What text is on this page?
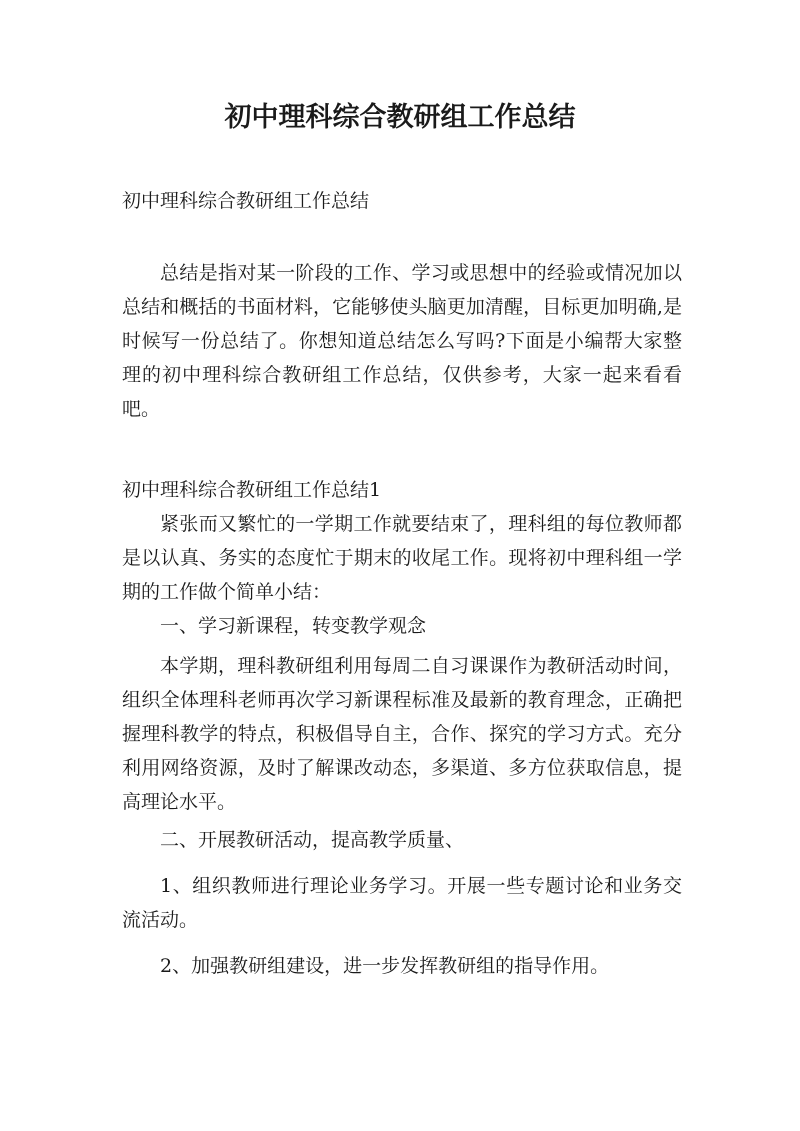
初中理科综合教研组工作总结

初中理科综合教研组工作总结

总结是指对某一阶段的工作、学习或思想中的经验或情况加以总结和概括的书面材料，它能够使头脑更加清醒，目标更加明确,是时候写一份总结了。你想知道总结怎么写吗?下面是小编帮大家整理的初中理科综合教研组工作总结，仅供参考，大家一起来看看吧。

初中理科综合教研组工作总结1

紧张而又繁忙的一学期工作就要结束了，理科组的每位教师都是以认真、务实的态度忙于期末的收尾工作。现将初中理科组一学期的工作做个简单小结：

一、学习新课程，转变教学观念

本学期，理科教研组利用每周二自习课课作为教研活动时间，组织全体理科老师再次学习新课程标准及最新的教育理念，正确把握理科教学的特点，积极倡导自主，合作、探究的学习方式。充分利用网络资源，及时了解课改动态，多渠道、多方位获取信息，提高理论水平。

二、开展教研活动，提高教学质量、

1、组织教师进行理论业务学习。开展一些专题讨论和业务交流活动。

2、加强教研组建设，进一步发挥教研组的指导作用。
